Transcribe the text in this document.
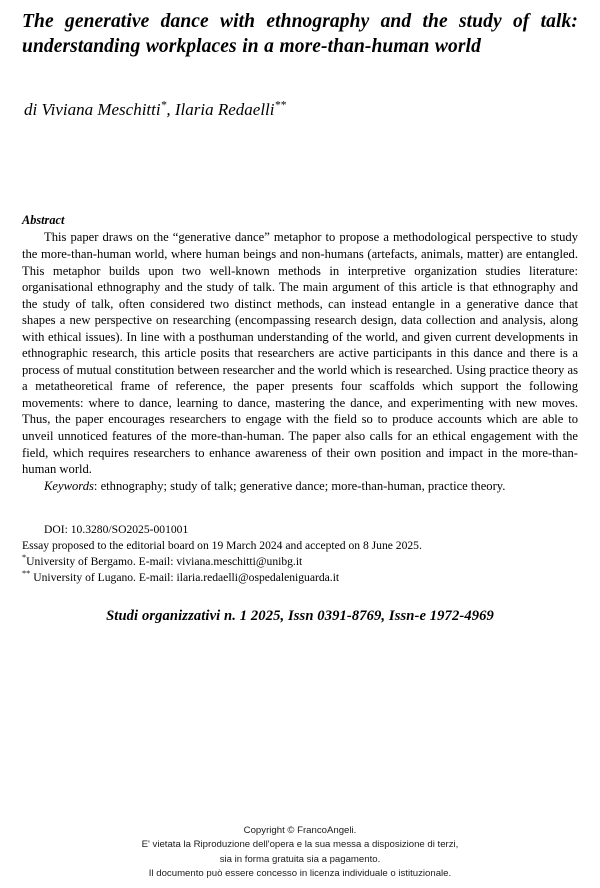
The generative dance with ethnography and the study of talk: understanding workplaces in a more-than-human world

di Viviana Meschitti*, Ilaria Redaelli**

Abstract

This paper draws on the “generative dance” metaphor to propose a methodological perspective to study the more-than-human world, where human beings and non-humans (artefacts, animals, matter) are entangled. This metaphor builds upon two well-known methods in interpretive organization studies literature: organisational ethnography and the study of talk. The main argument of this article is that ethnography and the study of talk, often considered two distinct methods, can instead entangle in a generative dance that shapes a new perspective on researching (encompassing research design, data collection and analysis, along with ethical issues). In line with a posthuman understanding of the world, and given current developments in ethnographic research, this article posits that researchers are active participants in this dance and there is a process of mutual constitution between researcher and the world which is researched. Using practice theory as a metatheoretical frame of reference, the paper presents four scaffolds which support the following movements: where to dance, learning to dance, mastering the dance, and experimenting with new moves. Thus, the paper encourages researchers to engage with the field so to produce accounts which are able to unveil unnoticed features of the more-than-human. The paper also calls for an ethical engagement with the field, which requires researchers to enhance awareness of their own position and impact in the more-than-human world.

Keywords: ethnography; study of talk; generative dance; more-than-human, practice theory.

DOI: 10.3280/SO2025-001001

Essay proposed to the editorial board on 19 March 2024 and accepted on 8 June 2025.

*University of Bergamo. E-mail: viviana.meschitti@unibg.it

** University of Lugano. E-mail: ilaria.redaelli@ospedaleniguarda.it

Studi organizzativi n. 1 2025, Issn 0391-8769, Issn-e 1972-4969

Copyright © FrancoAngeli.
E' vietata la Riproduzione dell'opera e la sua messa a disposizione di terzi,
sia in forma gratuita sia a pagamento.
Il documento può essere concesso in licenza individuale o istituzionale.
